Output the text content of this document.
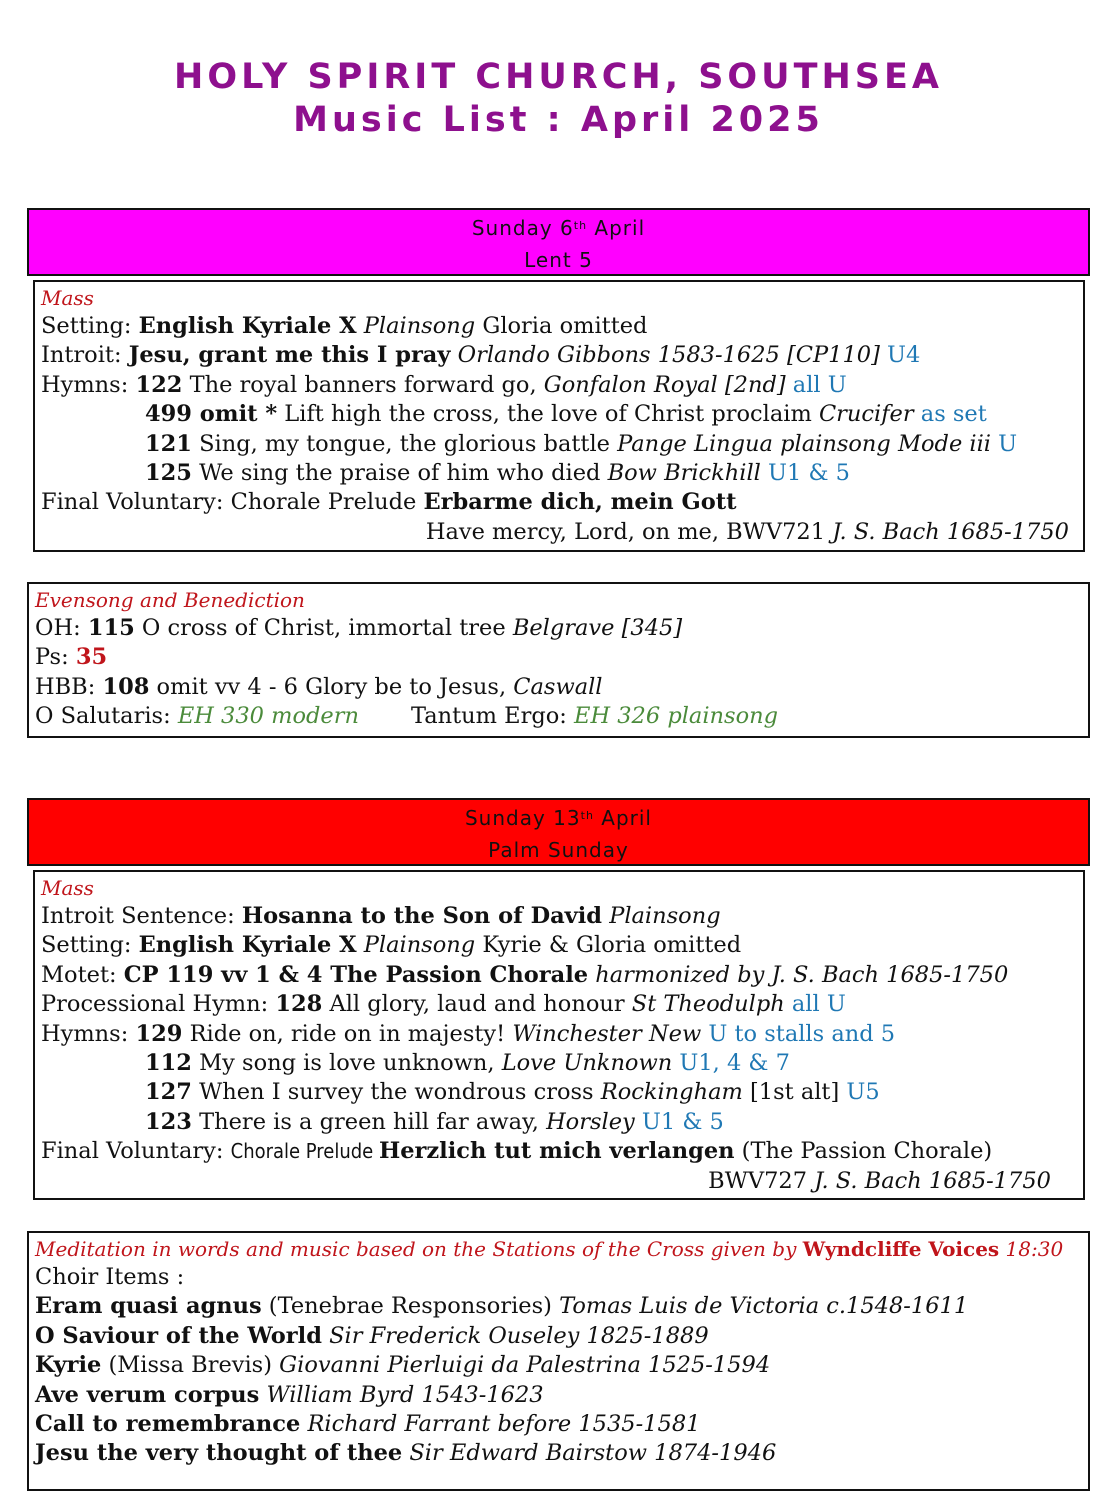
HOLY SPIRIT CHURCH, SOUTHSEA
Music List : April 2025
Sunday 6th April
Lent 5
Mass
Setting: English Kyriale X Plainsong Gloria omitted
Introit: Jesu, grant me this I pray Orlando Gibbons 1583-1625 [CP110] U4
Hymns: 122 The royal banners forward go, Gonfalon Royal [2nd] all U
499 omit * Lift high the cross, the love of Christ proclaim Crucifer as set
121 Sing, my tongue, the glorious battle Pange Lingua plainsong Mode iii U
125 We sing the praise of him who died Bow Brickhill U1 & 5
Final Voluntary: Chorale Prelude Erbarme dich, mein Gott
Have mercy, Lord, on me, BWV721 J. S. Bach 1685-1750
Evensong and Benediction
OH: 115 O cross of Christ, immortal tree Belgrave [345]
Ps: 35
HBB: 108 omit vv 4 - 6 Glory be to Jesus, Caswall
O Salutaris: EH 330 modern Tantum Ergo: EH 326 plainsong
Sunday 13th April
Palm Sunday
Mass
Introit Sentence: Hosanna to the Son of David Plainsong
Setting: English Kyriale X Plainsong Kyrie & Gloria omitted
Motet: CP 119 vv 1 & 4 The Passion Chorale harmonized by J. S. Bach 1685-1750
Processional Hymn: 128 All glory, laud and honour St Theodulph all U
Hymns: 129 Ride on, ride on in majesty! Winchester New U to stalls and 5
112 My song is love unknown, Love Unknown U1, 4 & 7
127 When I survey the wondrous cross Rockingham [1st alt] U5
123 There is a green hill far away, Horsley U1 & 5
Final Voluntary: Chorale Prelude Herzlich tut mich verlangen (The Passion Chorale)
BWV727 J. S. Bach 1685-1750
Meditation in words and music based on the Stations of the Cross given by Wyndcliffe Voices 18:30
Choir Items :
Eram quasi agnus (Tenebrae Responsories) Tomas Luis de Victoria c.1548-1611
O Saviour of the World Sir Frederick Ouseley 1825-1889
Kyrie (Missa Brevis) Giovanni Pierluigi da Palestrina 1525-1594
Ave verum corpus William Byrd 1543-1623
Call to remembrance Richard Farrant before 1535-1581
Jesu the very thought of thee Sir Edward Bairstow 1874-1946
